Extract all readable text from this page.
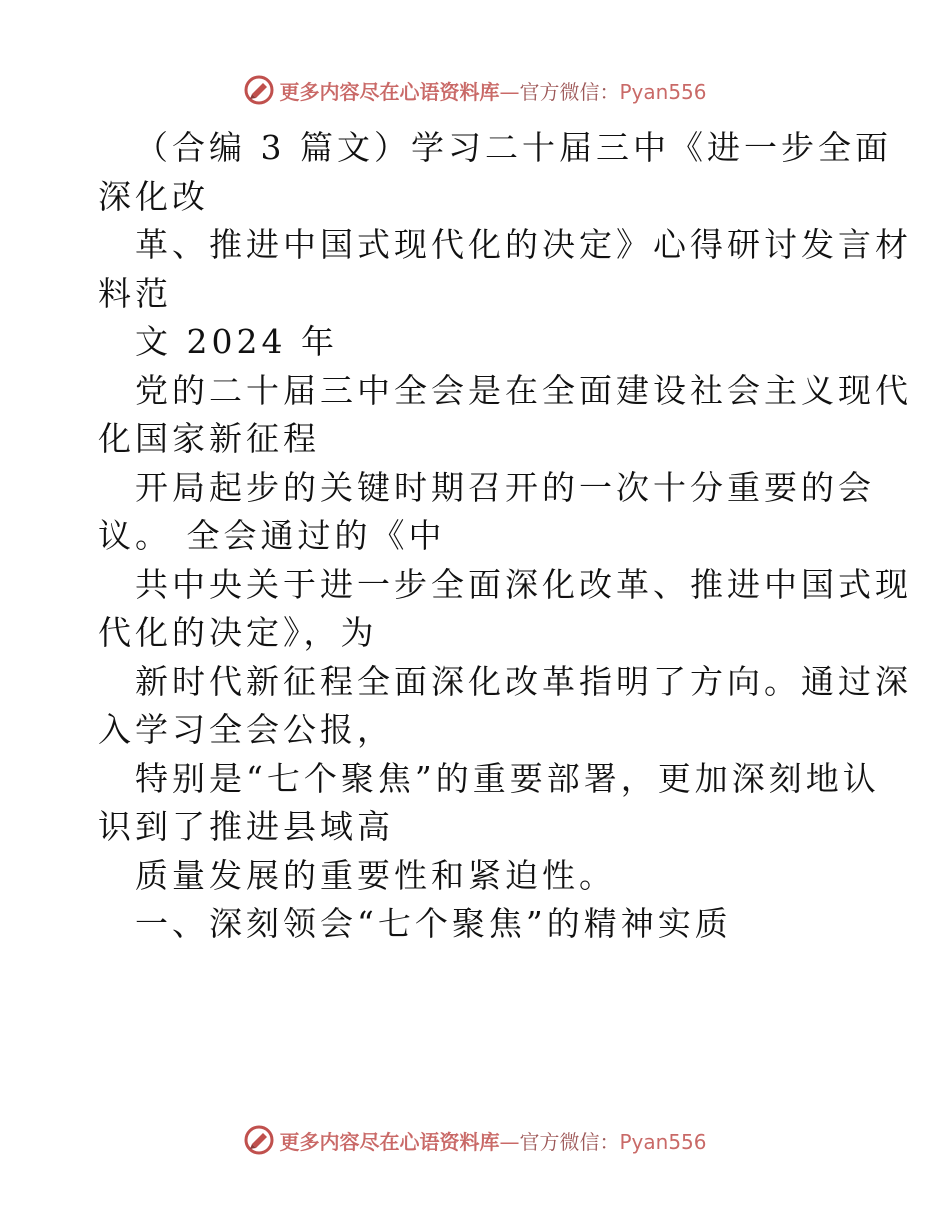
更多内容尽在心语资料库—官方微信：Pyan556
（合编 3 篇文）学习二十届三中《进一步全面
深化改
革、推进中国式现代化的决定》心得研讨发言材
料范
文 2024 年
党的二十届三中全会是在全面建设社会主义现代
化国家新征程
开局起步的关键时期召开的一次十分重要的会
议。 全会通过的《中
共中央关于进一步全面深化改革、推进中国式现
代化的决定》，为
新时代新征程全面深化改革指明了方向。通过深
入学习全会公报，
特别是“七个聚焦”的重要部署，更加深刻地认
识到了推进县域高
质量发展的重要性和紧迫性。
一、深刻领会“七个聚焦”的精神实质
更多内容尽在心语资料库—官方微信：Pyan556
